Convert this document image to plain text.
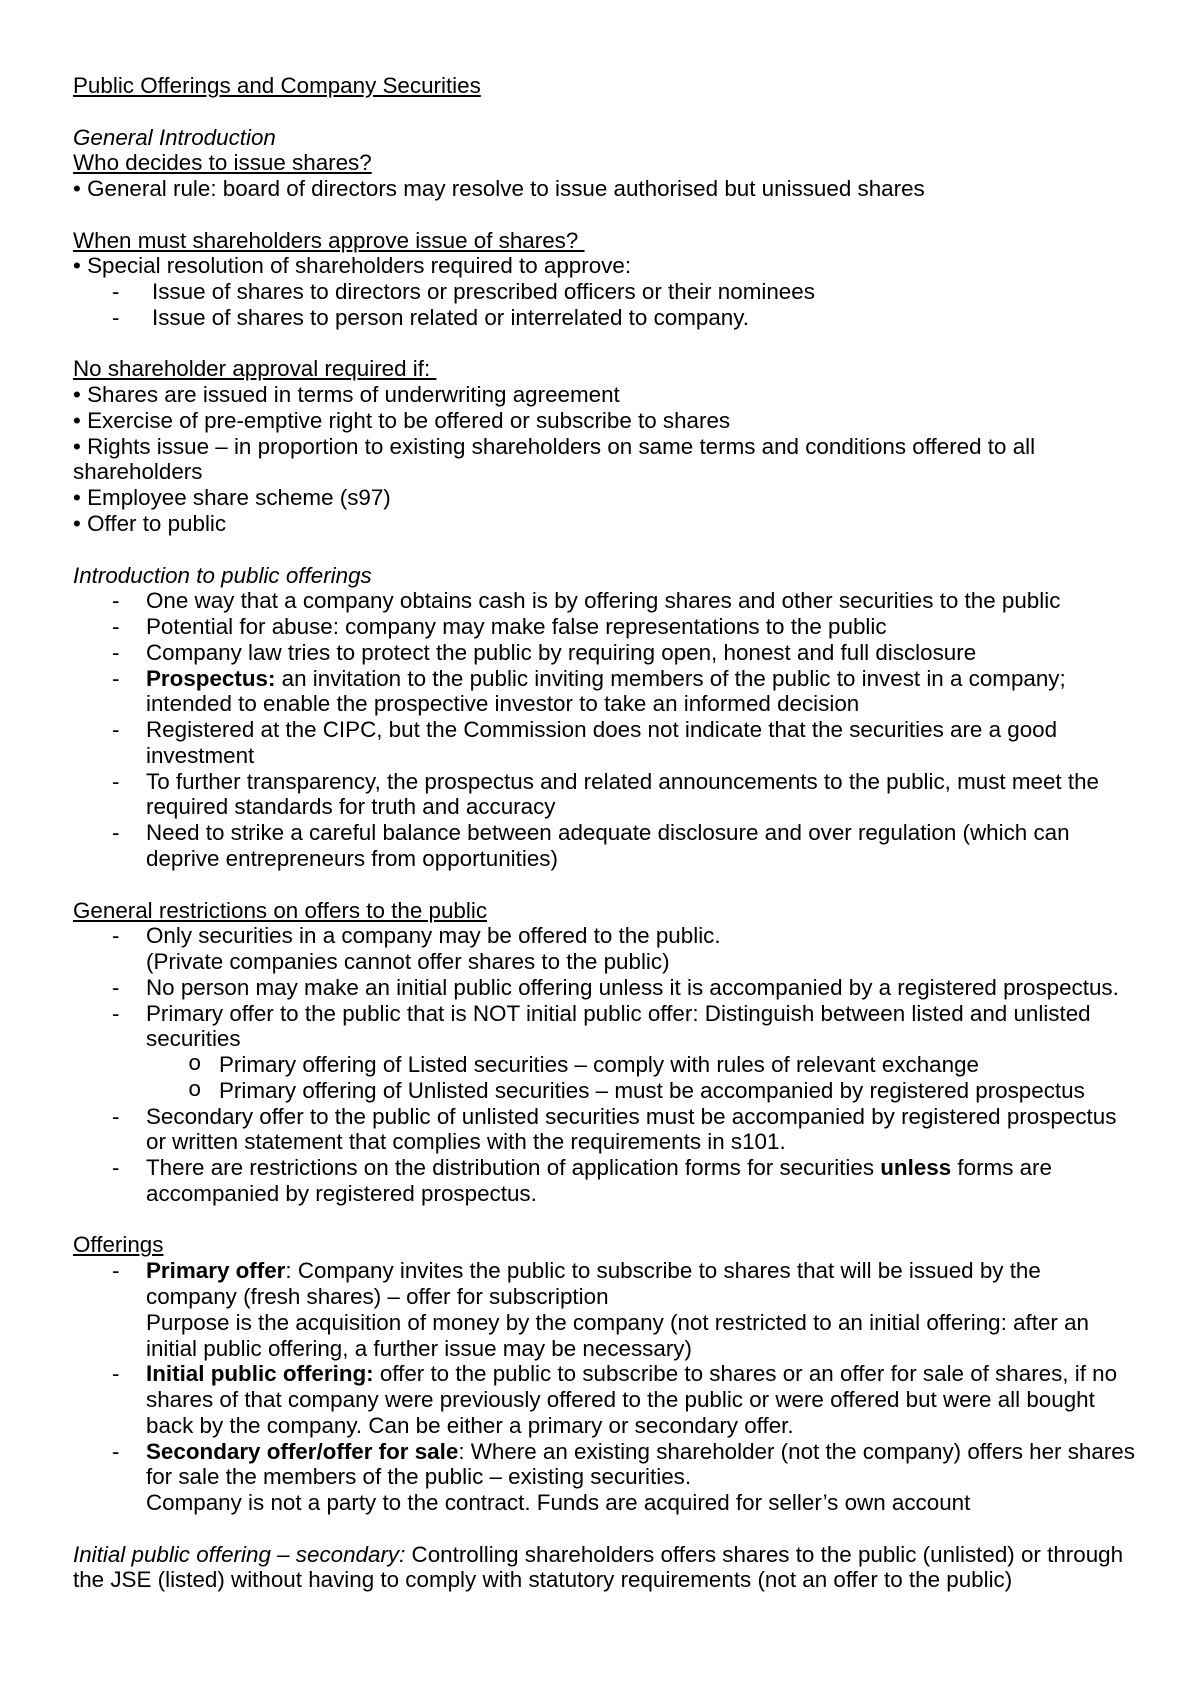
Public Offerings and Company Securities
General Introduction
Who decides to issue shares?
• General rule: board of directors may resolve to issue authorised but unissued shares
When must shareholders approve issue of shares?
• Special resolution of shareholders required to approve:
- Issue of shares to directors or prescribed officers or their nominees
- Issue of shares to person related or interrelated to company.
No shareholder approval required if:
• Shares are issued in terms of underwriting agreement
• Exercise of pre-emptive right to be offered or subscribe to shares
• Rights issue – in proportion to existing shareholders on same terms and conditions offered to all
shareholders
• Employee share scheme (s97)
• Offer to public
Introduction to public offerings
- One way that a company obtains cash is by offering shares and other securities to the public
- Potential for abuse: company may make false representations to the public
- Company law tries to protect the public by requiring open, honest and full disclosure
- Prospectus: an invitation to the public inviting members of the public to invest in a company;
intended to enable the prospective investor to take an informed decision
- Registered at the CIPC, but the Commission does not indicate that the securities are a good
investment
- To further transparency, the prospectus and related announcements to the public, must meet the
required standards for truth and accuracy
- Need to strike a careful balance between adequate disclosure and over regulation (which can
deprive entrepreneurs from opportunities)
General restrictions on offers to the public
- Only securities in a company may be offered to the public.
(Private companies cannot offer shares to the public)
- No person may make an initial public offering unless it is accompanied by a registered prospectus.
- Primary offer to the public that is NOT initial public offer: Distinguish between listed and unlisted
securities
o Primary offering of Listed securities – comply with rules of relevant exchange
o Primary offering of Unlisted securities – must be accompanied by registered prospectus
- Secondary offer to the public of unlisted securities must be accompanied by registered prospectus
or written statement that complies with the requirements in s101.
- There are restrictions on the distribution of application forms for securities unless forms are
accompanied by registered prospectus.
Offerings
- Primary offer: Company invites the public to subscribe to shares that will be issued by the
company (fresh shares) – offer for subscription
Purpose is the acquisition of money by the company (not restricted to an initial offering: after an
initial public offering, a further issue may be necessary)
- Initial public offering: offer to the public to subscribe to shares or an offer for sale of shares, if no
shares of that company were previously offered to the public or were offered but were all bought
back by the company. Can be either a primary or secondary offer.
- Secondary offer/offer for sale: Where an existing shareholder (not the company) offers her shares
for sale the members of the public – existing securities.
Company is not a party to the contract. Funds are acquired for seller’s own account
Initial public offering – secondary: Controlling shareholders offers shares to the public (unlisted) or through
the JSE (listed) without having to comply with statutory requirements (not an offer to the public)
